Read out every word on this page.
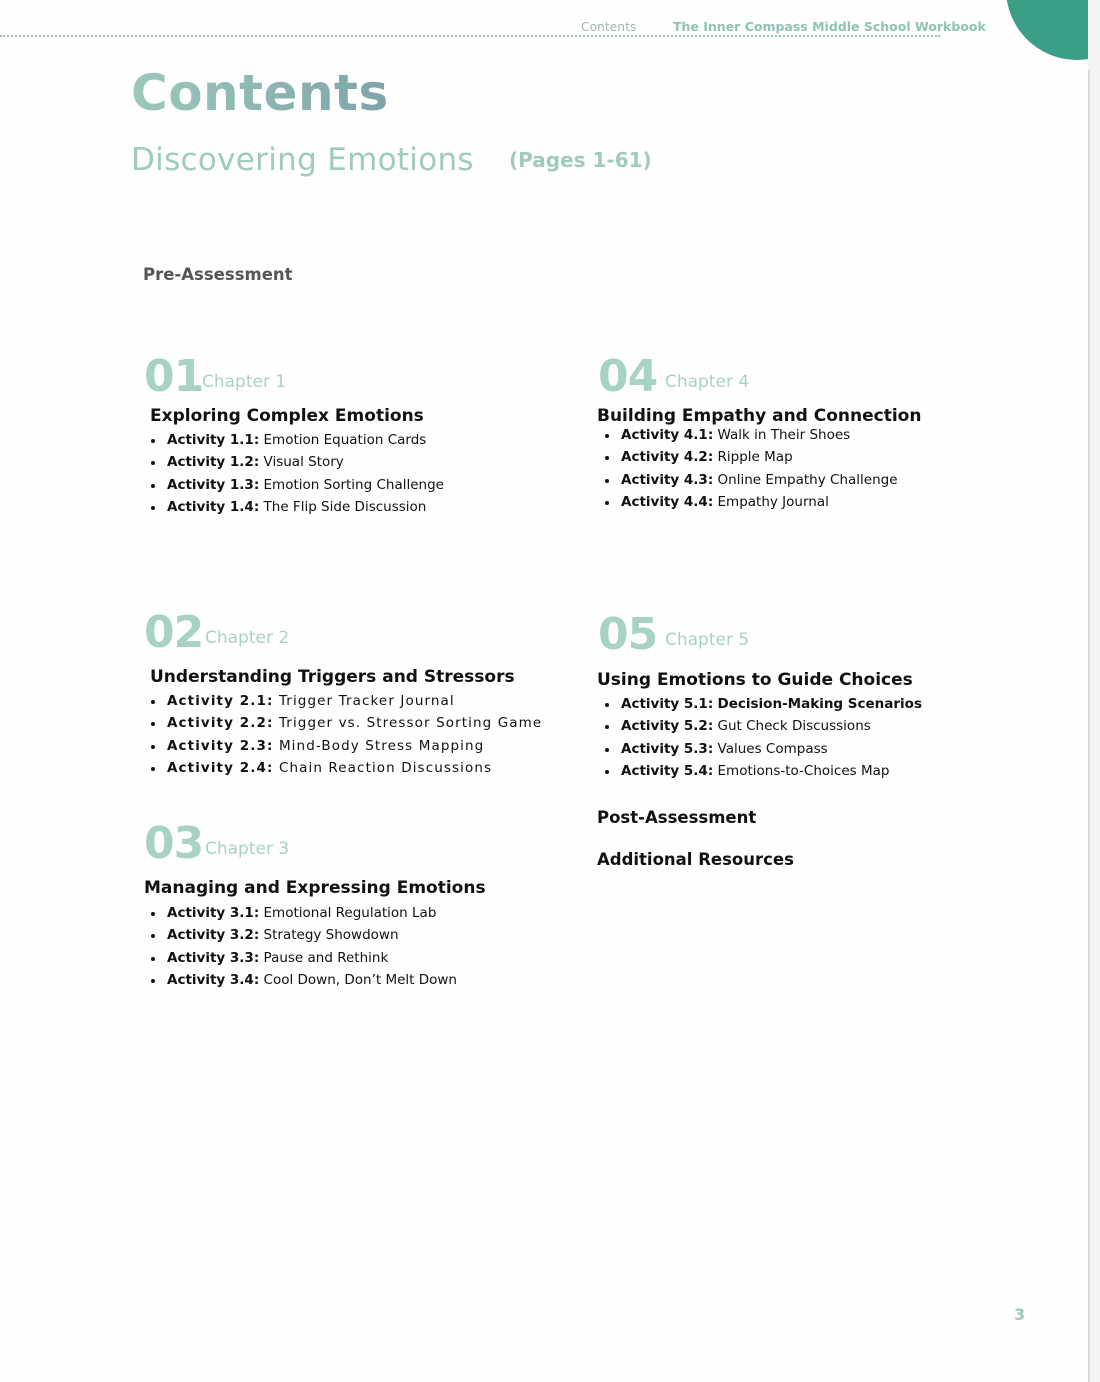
Contents	The Inner Compass Middle School Workbook
Contents
Discovering Emotions (Pages 1-61)
Pre-Assessment
01
Chapter 1
Exploring Complex Emotions
Activity 1.1: Emotion Equation Cards
Activity 1.2: Visual Story
Activity 1.3: Emotion Sorting Challenge
Activity 1.4: The Flip Side Discussion
02 Chapter 2
Understanding Triggers and Stressors
Activity 2.1: Trigger Tracker Journal
Activity 2.2: Trigger vs. Stressor Sorting Game
Activity 2.3: Mind-Body Stress Mapping
Activity 2.4: Chain Reaction Discussions
03 Chapter 3
Managing and Expressing Emotions
Activity 3.1: Emotional Regulation Lab
Activity 3.2: Strategy Showdown
Activity 3.3: Pause and Rethink
Activity 3.4: Cool Down, Don’t Melt Down
04 Chapter 4
Building Empathy and Connection
Activity 4.1: Walk in Their Shoes
Activity 4.2: Ripple Map
Activity 4.3: Online Empathy Challenge
Activity 4.4: Empathy Journal
05 Chapter 5
Using Emotions to Guide Choices
Activity 5.1: Decision-Making Scenarios
Activity 5.2: Gut Check Discussions
Activity 5.3: Values Compass
Activity 5.4: Emotions-to-Choices Map
Post-Assessment
Additional Resources
3
